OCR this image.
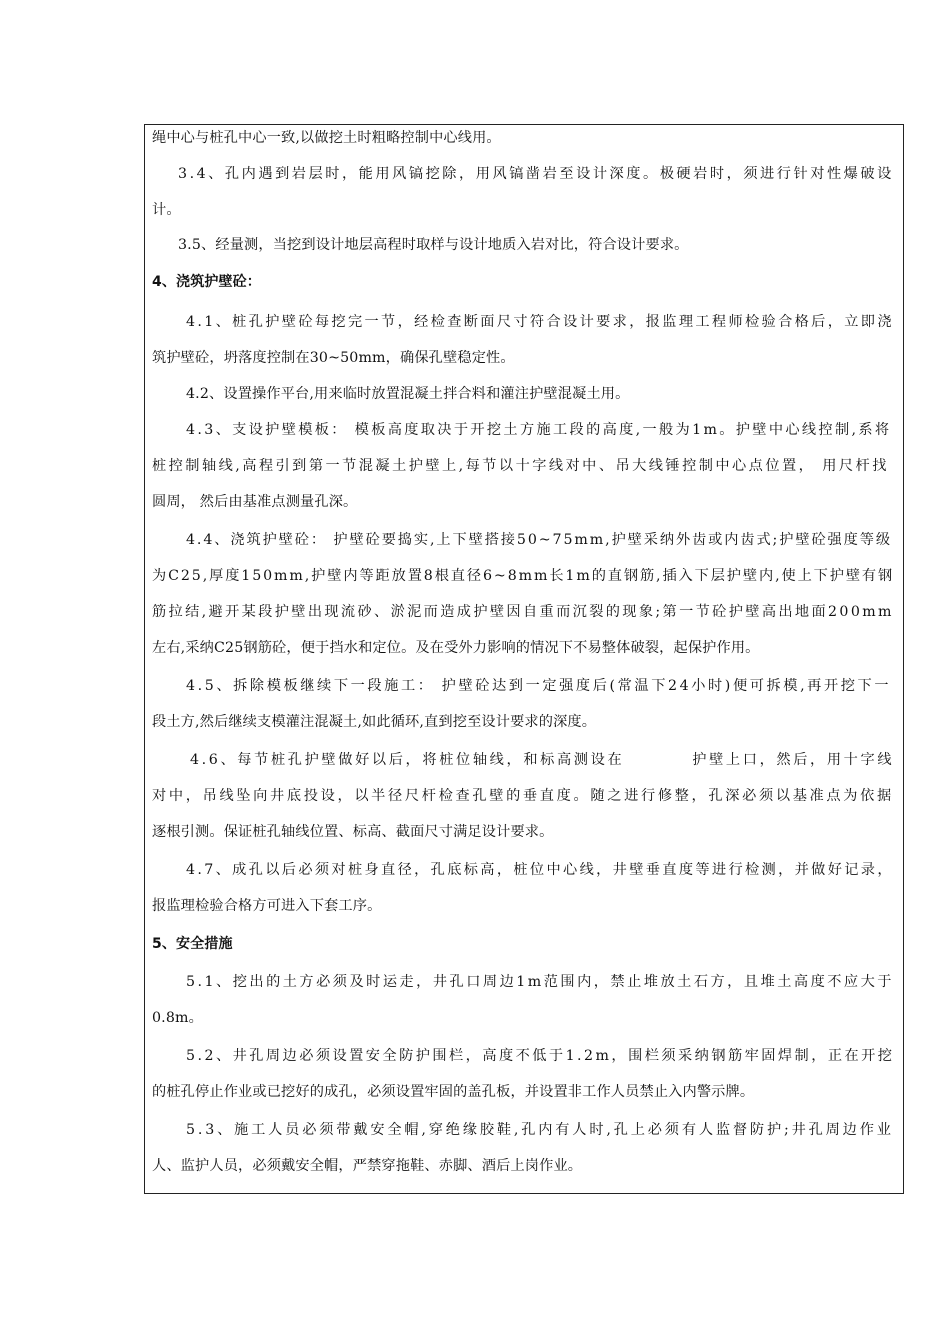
绳中心与桩孔中心一致,以做挖土时粗略控制中心线用。
3.4、孔内遇到岩层时，能用风镐挖除，用风镐凿岩至设计深度。极硬岩时，须进行针对性爆破设
计。
3.5、经量测，当挖到设计地层高程时取样与设计地质入岩对比，符合设计要求。
4、浇筑护壁砼：
4.1、桩孔护壁砼每挖完一节，经检查断面尺寸符合设计要求，报监理工程师检验合格后，立即浇
筑护壁砼，坍落度控制在30~50mm，确保孔壁稳定性。
4.2、设置操作平台,用来临时放置混凝土拌合料和灌注护壁混凝土用。
4.3、支设护壁模板： 模板高度取决于开挖土方施工段的高度,一般为1m。护壁中心线控制,系将
桩控制轴线,高程引到第一节混凝土护壁上,每节以十字线对中、吊大线锤控制中心点位置， 用尺杆找
圆周， 然后由基准点测量孔深。
4.4、浇筑护壁砼： 护壁砼要捣实,上下壁搭接50~75mm,护壁采纳外齿或内齿式;护壁砼强度等级
为C25,厚度150mm,护壁内等距放置8根直径6~8mm长1m的直钢筋,插入下层护壁内,使上下护壁有钢
筋拉结,避开某段护壁出现流砂、淤泥而造成护壁因自重而沉裂的现象;第一节砼护壁高出地面200mm
左右,采纳C25钢筋砼，便于挡水和定位。及在受外力影响的情况下不易整体破裂，起保护作用。
4.5、拆除模板继续下一段施工： 护壁砼达到一定强度后(常温下24小时)便可拆模,再开挖下一
段土方,然后继续支模灌注混凝土,如此循环,直到挖至设计要求的深度。
4.6、每节桩孔护壁做好以后，将桩位轴线，和标高测设在	护壁上口，然后，用十字线
对中，吊线坠向井底投设，以半径尺杆检查孔壁的垂直度。随之进行修整，孔深必须以基准点为依据
逐根引测。保证桩孔轴线位置、标高、截面尺寸满足设计要求。
4.7、成孔以后必须对桩身直径，孔底标高，桩位中心线，井壁垂直度等进行检测，并做好记录，
报监理检验合格方可进入下套工序。
5、安全措施
5.1、挖出的土方必须及时运走，井孔口周边1m范围内，禁止堆放土石方，且堆土高度不应大于
0.8m。
5.2、井孔周边必须设置安全防护围栏，高度不低于1.2m，围栏须采纳钢筋牢固焊制，正在开挖
的桩孔停止作业或已挖好的成孔，必须设置牢固的盖孔板，并设置非工作人员禁止入内警示牌。
5.3、施工人员必须带戴安全帽,穿绝缘胶鞋,孔内有人时,孔上必须有人监督防护;井孔周边作业
人、监护人员，必须戴安全帽，严禁穿拖鞋、赤脚、酒后上岗作业。
